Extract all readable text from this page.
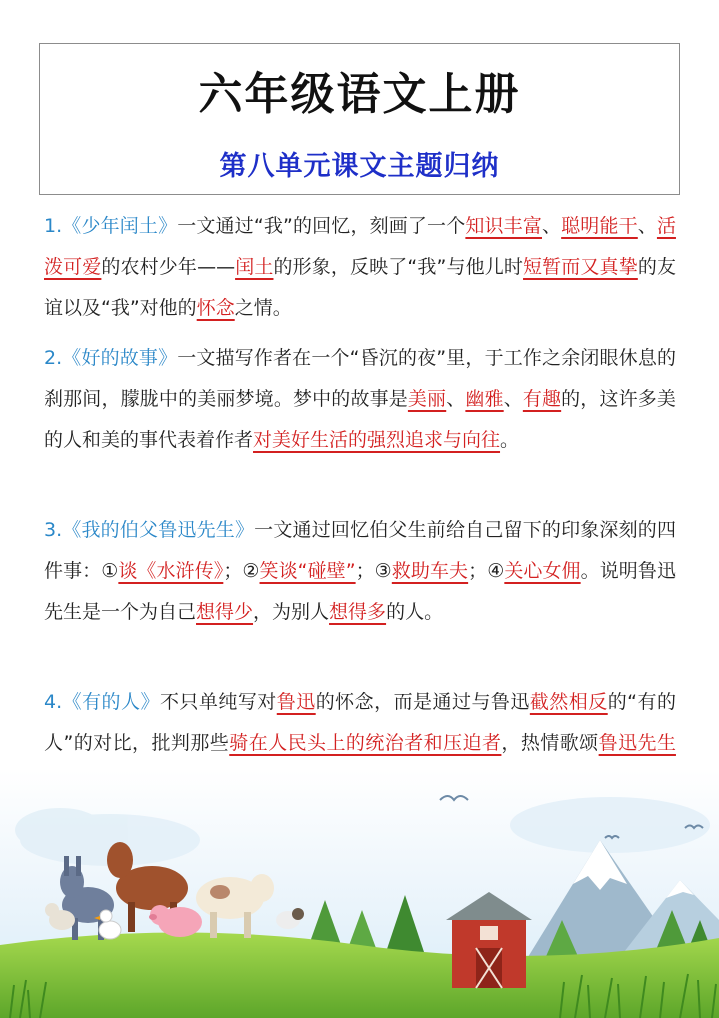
六年级语文上册
第八单元课文主题归纳
1.《少年闰土》一文通过“我”的回忆，刻画了一个知识丰富、聪明能干、活泼可爱的农村少年——闰土的形象，反映了“我”与他儿时短暂而又真挚的友谊以及“我”对他的怀念之情。
2.《好的故事》一文描写作者在一个“昏沉的夜”里，于工作之余闭眼休息的刹那间，朦胧中的美丽梦境。梦中的故事是美丽、幽雅、有趣的，这许多美的人和美的事代表着作者对美好生活的强烈追求与向往。
3.《我的伯父鲁迅先生》一文通过回忆伯父生前给自己留下的印象深刻的四件事：①谈《水浒传》；②笑谈“碰壁”；③救助车夫；④关心女佣。说明鲁迅先生是一个为自己想得少，为别人想得多的人。
4.《有的人》不只单纯写对鲁迅的怀念，而是通过与鲁迅截然相反的“有的人”的对比，批判那些骑在人民头上的统治者和压迫者，热情歌颂鲁迅先生
